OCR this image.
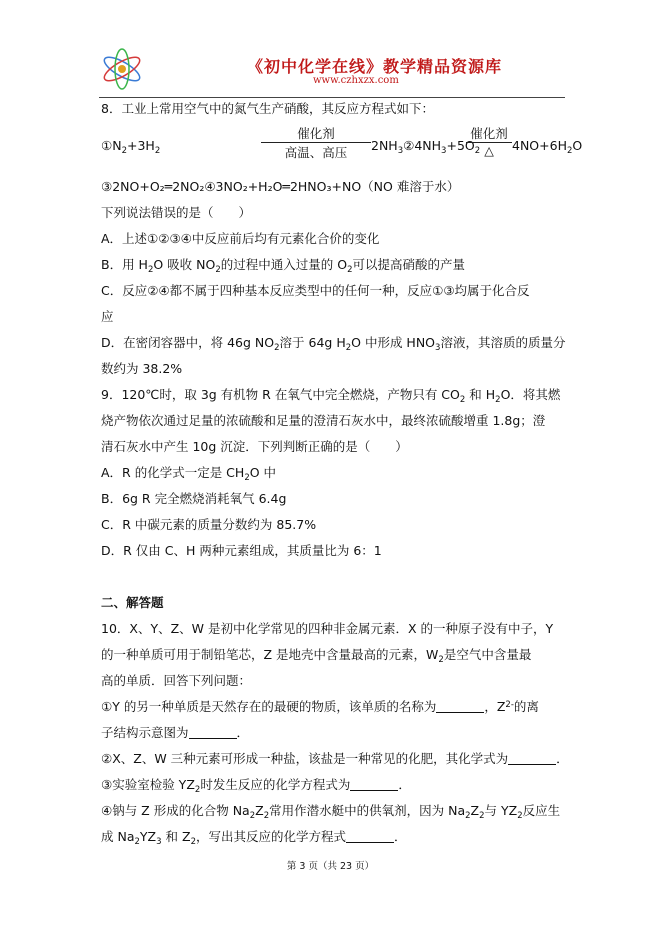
《初中化学在线》教学精品资源库
www.czhxzx.com
8．工业上常用空气中的氮气生产硝酸，其反应方程式如下：
$①N_2+3H_2$
催化剂
高温、高压	$2NH_3②4NH_3+5O_2$
催化剂
△	$4NO+6H_2O$
③2NO+O₂═2NO₂④3NO₂+H₂O═2HNO₃+NO（NO 难溶于水）
下列说法错误的是（　　）
A．上述①②③④中反应前后均有元素化合价的变化
B．用 $H_2O$ 吸收 $NO_2$的过程中通入过量的 $O_2$可以提高硝酸的产量
C．反应②④都不属于四种基本反应类型中的任何一种，反应①③均属于化合反
应
D．在密闭容器中，将 46g $NO_2$溶于 64g $H_2O$ 中形成 $HNO_3$溶液，其溶质的质量分
数约为 38.2%
9．120℃时，取 3g 有机物 R 在氧气中完全燃烧，产物只有 $CO_2$ 和 $H_2O$．将其燃
烧产物依次通过足量的浓硫酸和足量的澄清石灰水中，最终浓硫酸增重 1.8g；澄
清石灰水中产生 10g 沉淀．下列判断正确的是（　　）
A．R 的化学式一定是 $CH_2O$ 中
B．6g R 完全燃烧消耗氧气 6.4g
C．R 中碳元素的质量分数约为 85.7%
D．R 仅由 C、H 两种元素组成，其质量比为 6：1
二、解答题
10．X、Y、Z、W 是初中化学常见的四种非金属元素．X 的一种原子没有中子，Y
的一种单质可用于制铅笔芯，Z 是地壳中含量最高的元素，$W_2$是空气中含量最
高的单质．回答下列问题：
①Y 的另一种单质是天然存在的最硬的物质，该单质的名称为	，$Z^{2-}$的离
子结构示意图为	．
②X、Z、W 三种元素可形成一种盐，该盐是一种常见的化肥，其化学式为	．
③实验室检验 $YZ_2$时发生反应的化学方程式为	．
④钠与 Z 形成的化合物 $Na_2Z_2$常用作潜水艇中的供氧剂，因为 $Na_2Z_2$与 $YZ_2$反应生
成 $Na_2YZ_3$ 和 $Z_2$，写出其反应的化学方程式	．
第 3 页（共 23 页）
